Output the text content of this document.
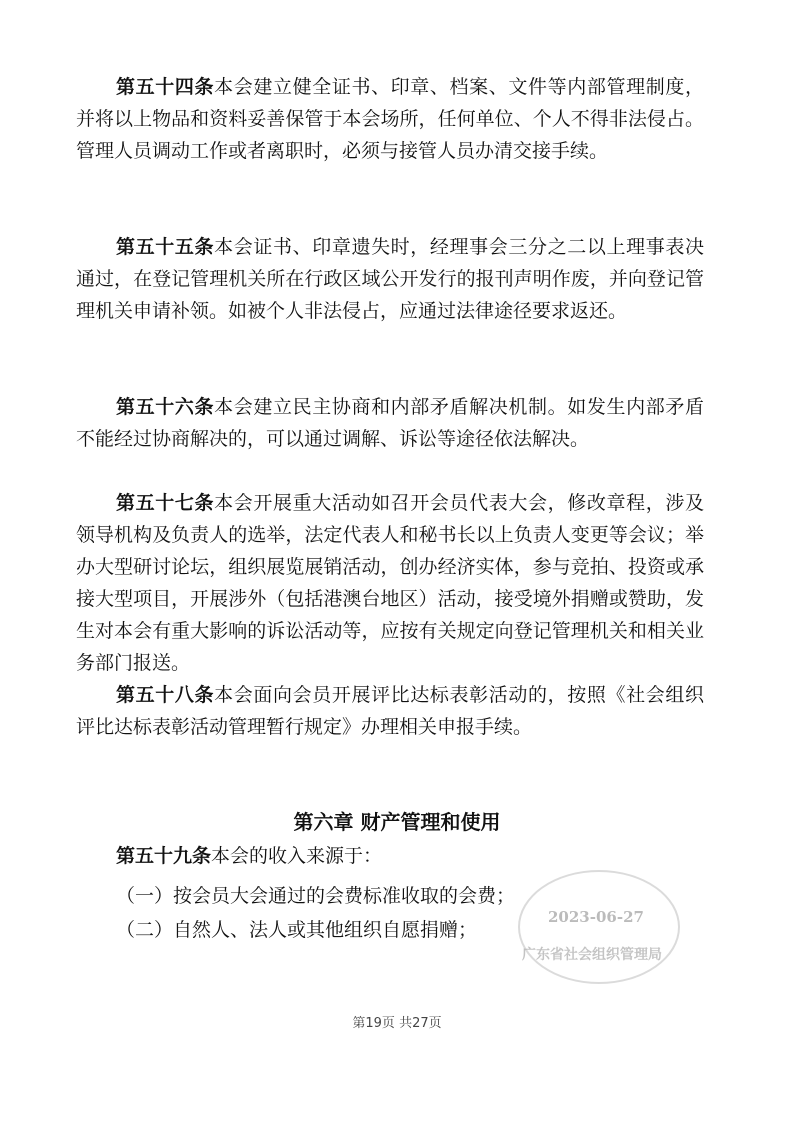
第五十四条本会建立健全证书、印章、档案、文件等内部管理制度，并将以上物品和资料妥善保管于本会场所，任何单位、个人不得非法侵占。管理人员调动工作或者离职时，必须与接管人员办清交接手续。

第五十五条本会证书、印章遗失时，经理事会三分之二以上理事表决通过，在登记管理机关所在行政区域公开发行的报刊声明作废，并向登记管理机关申请补领。如被个人非法侵占，应通过法律途径要求返还。

第五十六条本会建立民主协商和内部矛盾解决机制。如发生内部矛盾不能经过协商解决的，可以通过调解、诉讼等途径依法解决。

第五十七条本会开展重大活动如召开会员代表大会，修改章程，涉及领导机构及负责人的选举，法定代表人和秘书长以上负责人变更等会议；举办大型研讨论坛，组织展览展销活动，创办经济实体，参与竞拍、投资或承接大型项目，开展涉外（包括港澳台地区）活动，接受境外捐赠或赞助，发生对本会有重大影响的诉讼活动等，应按有关规定向登记管理机关和相关业务部门报送。

第五十八条本会面向会员开展评比达标表彰活动的，按照《社会组织评比达标表彰活动管理暂行规定》办理相关申报手续。

第六章 财产管理和使用
第五十九条本会的收入来源于：
（一）按会员大会通过的会费标准收取的会费；
（二）自然人、法人或其他组织自愿捐赠；
2023-06-27
广东省社会组织管理局
第19页 共27页
